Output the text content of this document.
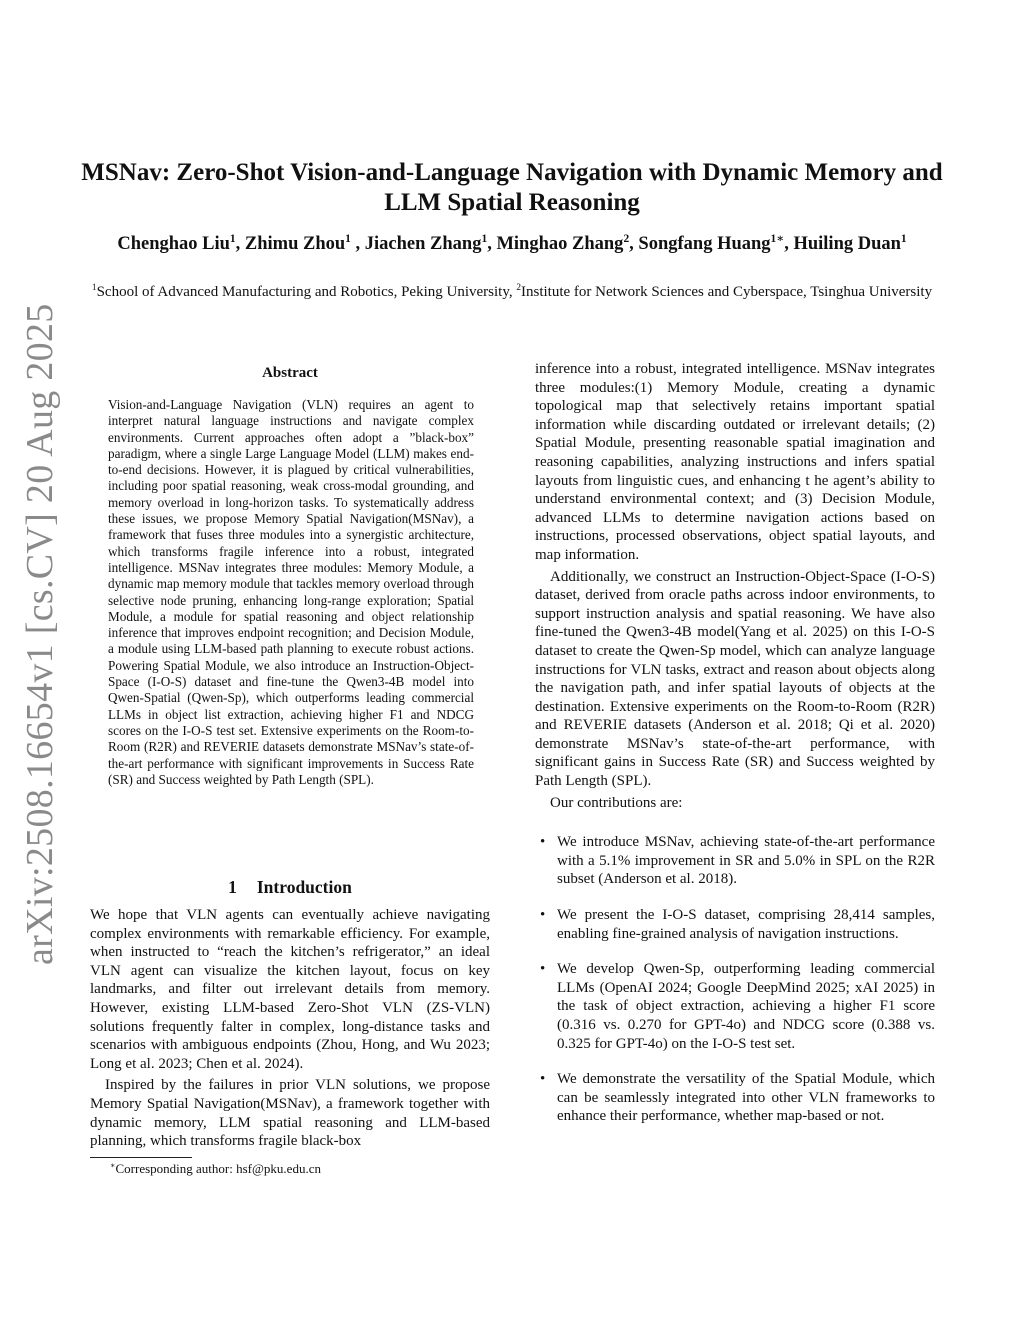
arXiv:2508.16654v1 [cs.CV] 20 Aug 2025
MSNav: Zero-Shot Vision-and-Language Navigation with Dynamic Memory and LLM Spatial Reasoning
Chenghao Liu$^1$, Zhimu Zhou$^1$ , Jiachen Zhang$^1$, Minghao Zhang$^2$, Songfang Huang$^{1∗}$, Huiling Duan$^1$
$^1$School of Advanced Manufacturing and Robotics, Peking University, $^2$Institute for Network Sciences and Cyberspace, Tsinghua University
Abstract

Vision-and-Language Navigation (VLN) requires an agent to interpret natural language instructions and navigate complex environments. Current approaches often adopt a ”black-box” paradigm, where a single Large Language Model (LLM) makes end-to-end decisions. However, it is plagued by critical vulnerabilities, including poor spatial reasoning, weak cross-modal grounding, and memory overload in long-horizon tasks. To systematically address these issues, we propose Memory Spatial Navigation(MSNav), a framework that fuses three modules into a synergistic architecture, which transforms fragile inference into a robust, integrated intelligence. MSNav integrates three modules: Memory Module, a dynamic map memory module that tackles memory overload through selective node pruning, enhancing long-range exploration; Spatial Module, a module for spatial reasoning and object relationship inference that improves endpoint recognition; and Decision Module, a module using LLM-based path planning to execute robust actions. Powering Spatial Module, we also introduce an Instruction-Object-Space (I-O-S) dataset and fine-tune the Qwen3-4B model into Qwen-Spatial (Qwen-Sp), which outperforms leading commercial LLMs in object list extraction, achieving higher F1 and NDCG scores on the I-O-S test set. Extensive experiments on the Room-to-Room (R2R) and REVERIE datasets demonstrate MSNav’s state-of-the-art performance with significant improvements in Success Rate (SR) and Success weighted by Path Length (SPL).

1 Introduction

We hope that VLN agents can eventually achieve navigating complex environments with remarkable efficiency. For example, when instructed to “reach the kitchen’s refrigerator,” an ideal VLN agent can visualize the kitchen layout, focus on key landmarks, and filter out irrelevant details from memory. However, existing LLM-based Zero-Shot VLN (ZS-VLN) solutions frequently falter in complex, long-distance tasks and scenarios with ambiguous endpoints (Zhou, Hong, and Wu 2023; Long et al. 2023; Chen et al. 2024).

Inspired by the failures in prior VLN solutions, we propose Memory Spatial Navigation(MSNav), a framework together with dynamic memory, LLM spatial reasoning and LLM-based planning, which transforms fragile black-box

∗Corresponding author: hsf@pku.edu.cn

inference into a robust, integrated intelligence. MSNav integrates three modules:(1) Memory Module, creating a dynamic topological map that selectively retains important spatial information while discarding outdated or irrelevant details; (2) Spatial Module, presenting reasonable spatial imagination and reasoning capabilities, analyzing instructions and infers spatial layouts from linguistic cues, and enhancing t he agent’s ability to understand environmental context; and (3) Decision Module, advanced LLMs to determine navigation actions based on instructions, processed observations, object spatial layouts, and map information.

Additionally, we construct an Instruction-Object-Space (I-O-S) dataset, derived from oracle paths across indoor environments, to support instruction analysis and spatial reasoning. We have also fine-tuned the Qwen3-4B model(Yang et al. 2025) on this I-O-S dataset to create the Qwen-Sp model, which can analyze language instructions for VLN tasks, extract and reason about objects along the navigation path, and infer spatial layouts of objects at the destination. Extensive experiments on the Room-to-Room (R2R) and REVERIE datasets (Anderson et al. 2018; Qi et al. 2020) demonstrate MSNav’s state-of-the-art performance, with significant gains in Success Rate (SR) and Success weighted by Path Length (SPL).

Our contributions are:

• We introduce MSNav, achieving state-of-the-art performance with a 5.1% improvement in SR and 5.0% in SPL on the R2R subset (Anderson et al. 2018).
• We present the I-O-S dataset, comprising 28,414 samples, enabling fine-grained analysis of navigation instructions.
• We develop Qwen-Sp, outperforming leading commercial LLMs (OpenAI 2024; Google DeepMind 2025; xAI 2025) in the task of object extraction, achieving a higher F1 score (0.316 vs. 0.270 for GPT-4o) and NDCG score (0.388 vs. 0.325 for GPT-4o) on the I-O-S test set.
• We demonstrate the versatility of the Spatial Module, which can be seamlessly integrated into other VLN frameworks to enhance their performance, whether map-based or not.
